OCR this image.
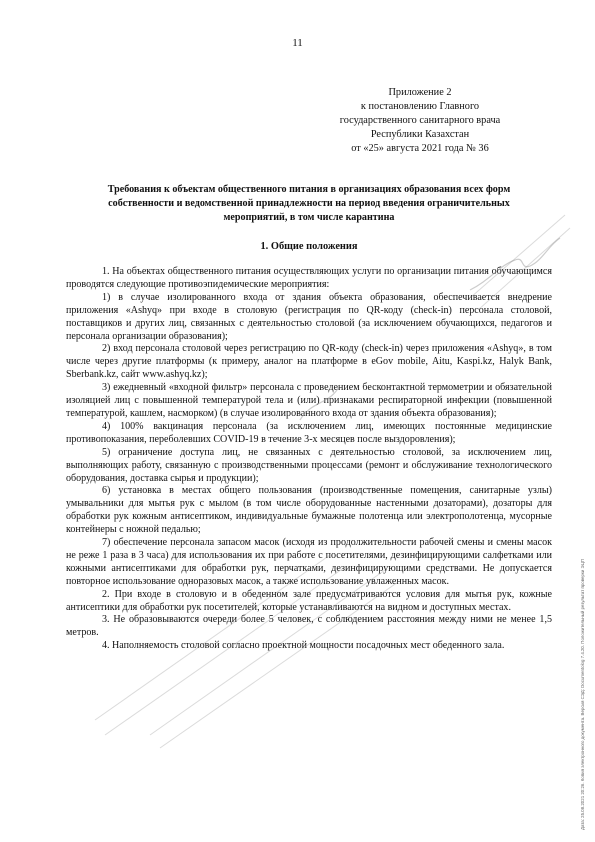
11
Приложение 2
к постановлению Главного
государственного санитарного врача
Республики Казахстан
от «25» августа 2021 года № 36
Требования к объектам общественного питания в организациях образования всех форм
собственности и ведомственной принадлежности на период введения ограничительных
мероприятий, в том числе карантина
1. Общие положения

1. На объектах общественного питания осуществляющих услуги по организации питания обучающимся проводятся следующие противоэпидемические мероприятия:

1) в случае изолированного входа от здания объекта образования, обеспечивается внедрение приложения «Ashyq» при входе в столовую (регистрация по QR-коду (check-in) персонала столовой, поставщиков и других лиц, связанных с деятельностью столовой (за исключением обучающихся, педагогов и персонала организации образования);

2) вход персонала столовой через регистрацию по QR-коду (check-in) через приложения «Ashyq», в том числе через другие платформы (к примеру, аналог на платформе в eGov mobile, Aitu, Kaspi.kz, Halyk Bank, Sberbank.kz, сайт www.ashyq.kz);

3) ежедневный «входной фильтр» персонала с проведением бесконтактной термометрии и обязательной изоляцией лиц с повышенной температурой тела и (или) признаками респираторной инфекции (повышенной температурой, кашлем, насморком) (в случае изолированного входа от здания объекта образования);

4) 100% вакцинация персонала (за исключением лиц, имеющих постоянные медицинские противопоказания, переболевших COVID-19 в течение 3-х месяцев после выздоровления);

5) ограничение доступа лиц, не связанных с деятельностью столовой, за исключением лиц, выполняющих работу, связанную с производственными процессами (ремонт и обслуживание технологического оборудования, доставка сырья и продукции);

6) установка в местах общего пользования (производственные помещения, санитарные узлы) умывальники для мытья рук с мылом (в том числе оборудованные настенными дозаторами), дозаторы для обработки рук кожным антисептиком, индивидуальные бумажные полотенца или электрополотенца, мусорные контейнеры с ножной педалью;

7) обеспечение персонала запасом масок (исходя из продолжительности рабочей смены и смены масок не реже 1 раза в 3 часа) для использования их при работе с посетителями, дезинфицирующими салфетками или кожными антисептиками для обработки рук, перчатками, дезинфицирующими средствами. Не допускается повторное использование одноразовых масок, а также использование увлаженных масок.

2. При входе в столовую и в обеденном зале предусматриваются условия для мытья рук, кожные антисептики для обработки рук посетителей, которые устанавливаются на видном и доступных местах.

3. Не образовываются очереди более 5 человек, с соблюдением расстояния между ними не менее 1,5 метров.

4. Наполняемость столовой согласно проектной мощности посадочных мест обеденного зала.	Дата: 25.08.2021 20:26. Копия электронного документа. Версия СЭД: Documentolog 7.4.20. Положительный результат проверки ЭЦП
